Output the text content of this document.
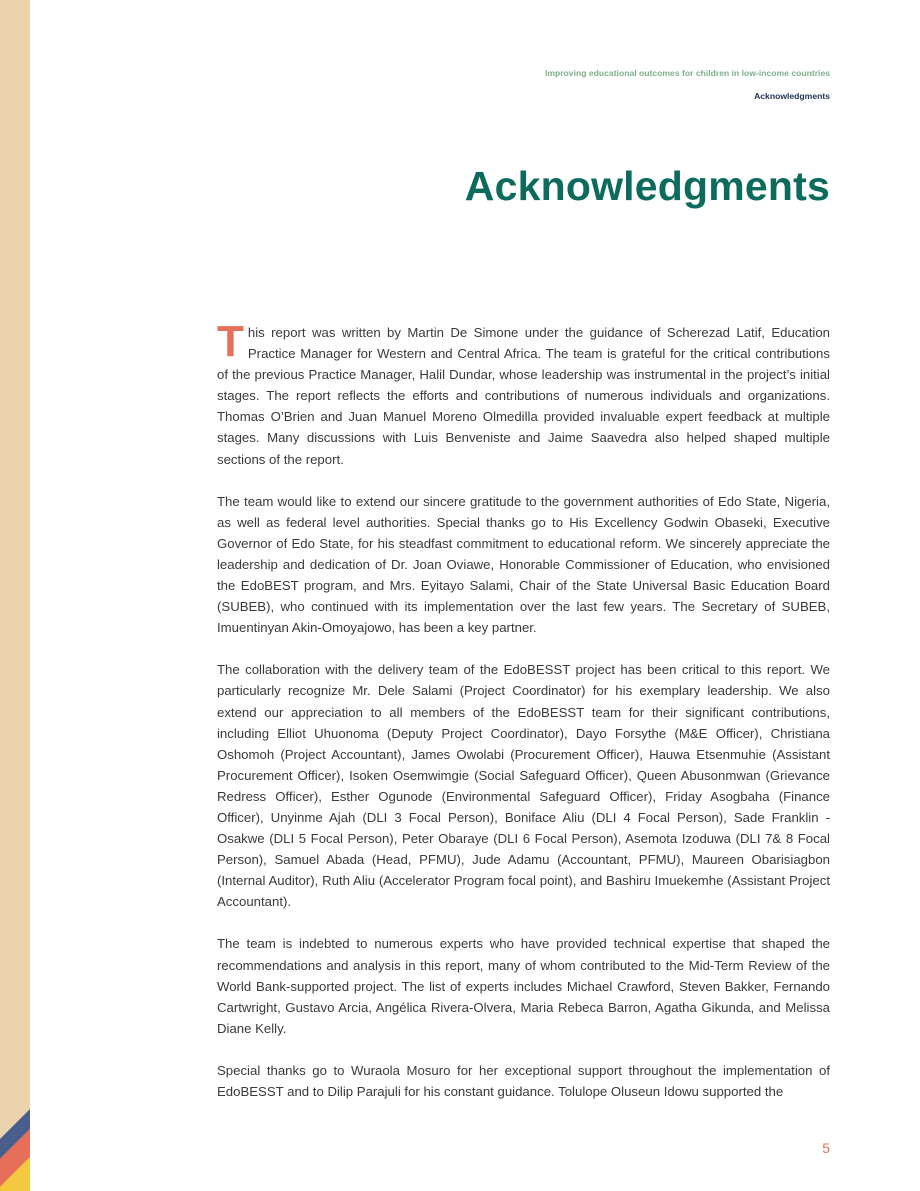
Improving educational outcomes for children in low-income countries
Acknowledgments
Acknowledgments

This report was written by Martin De Simone under the guidance of Scherezad Latif, Education Practice Manager for Western and Central Africa. The team is grateful for the critical contributions of the previous Practice Manager, Halil Dundar, whose leadership was instrumental in the project’s initial stages. The report reflects the efforts and contributions of numerous individuals and organizations. Thomas O’Brien and Juan Manuel Moreno Olmedilla provided invaluable expert feedback at multiple stages. Many discussions with Luis Benveniste and Jaime Saavedra also helped shaped multiple sections of the report.

The team would like to extend our sincere gratitude to the government authorities of Edo State, Nigeria, as well as federal level authorities. Special thanks go to His Excellency Godwin Obaseki, Executive Governor of Edo State, for his steadfast commitment to educational reform. We sincerely appreciate the leadership and dedication of Dr. Joan Oviawe, Honorable Commissioner of Education, who envisioned the EdoBEST program, and Mrs. Eyitayo Salami, Chair of the State Universal Basic Education Board (SUBEB), who continued with its implementation over the last few years. The Secretary of SUBEB, Imuentinyan Akin-Omoyajowo, has been a key partner.

The collaboration with the delivery team of the EdoBESST project has been critical to this report. We particularly recognize Mr. Dele Salami (Project Coordinator) for his exemplary leadership. We also extend our appreciation to all members of the EdoBESST team for their significant contributions, including Elliot Uhuonoma (Deputy Project Coordinator), Dayo Forsythe (M&E Officer), Christiana Oshomoh (Project Accountant), James Owolabi (Procurement Officer), Hauwa Etsenmuhie (Assistant Procurement Officer), Isoken Osemwimgie (Social Safeguard Officer), Queen Abusonmwan (Grievance Redress Officer), Esther Ogunode (Environmental Safeguard Officer), Friday Asogbaha (Finance Officer), Unyinme Ajah (DLI 3 Focal Person), Boniface Aliu (DLI 4 Focal Person), Sade Franklin - Osakwe (DLI 5 Focal Person), Peter Obaraye (DLI 6 Focal Person), Asemota Izoduwa (DLI 7& 8 Focal Person), Samuel Abada (Head, PFMU), Jude Adamu (Accountant, PFMU), Maureen Obarisiagbon (Internal Auditor), Ruth Aliu (Accelerator Program focal point), and Bashiru Imuekemhe (Assistant Project Accountant).

The team is indebted to numerous experts who have provided technical expertise that shaped the recommendations and analysis in this report, many of whom contributed to the Mid-Term Review of the World Bank-supported project. The list of experts includes Michael Crawford, Steven Bakker, Fernando Cartwright, Gustavo Arcia, Angélica Rivera-Olvera, Maria Rebeca Barron, Agatha Gikunda, and Melissa Diane Kelly.

Special thanks go to Wuraola Mosuro for her exceptional support throughout the implementation of EdoBESST and to Dilip Parajuli for his constant guidance. Tolulope Oluseun Idowu supported the

5
